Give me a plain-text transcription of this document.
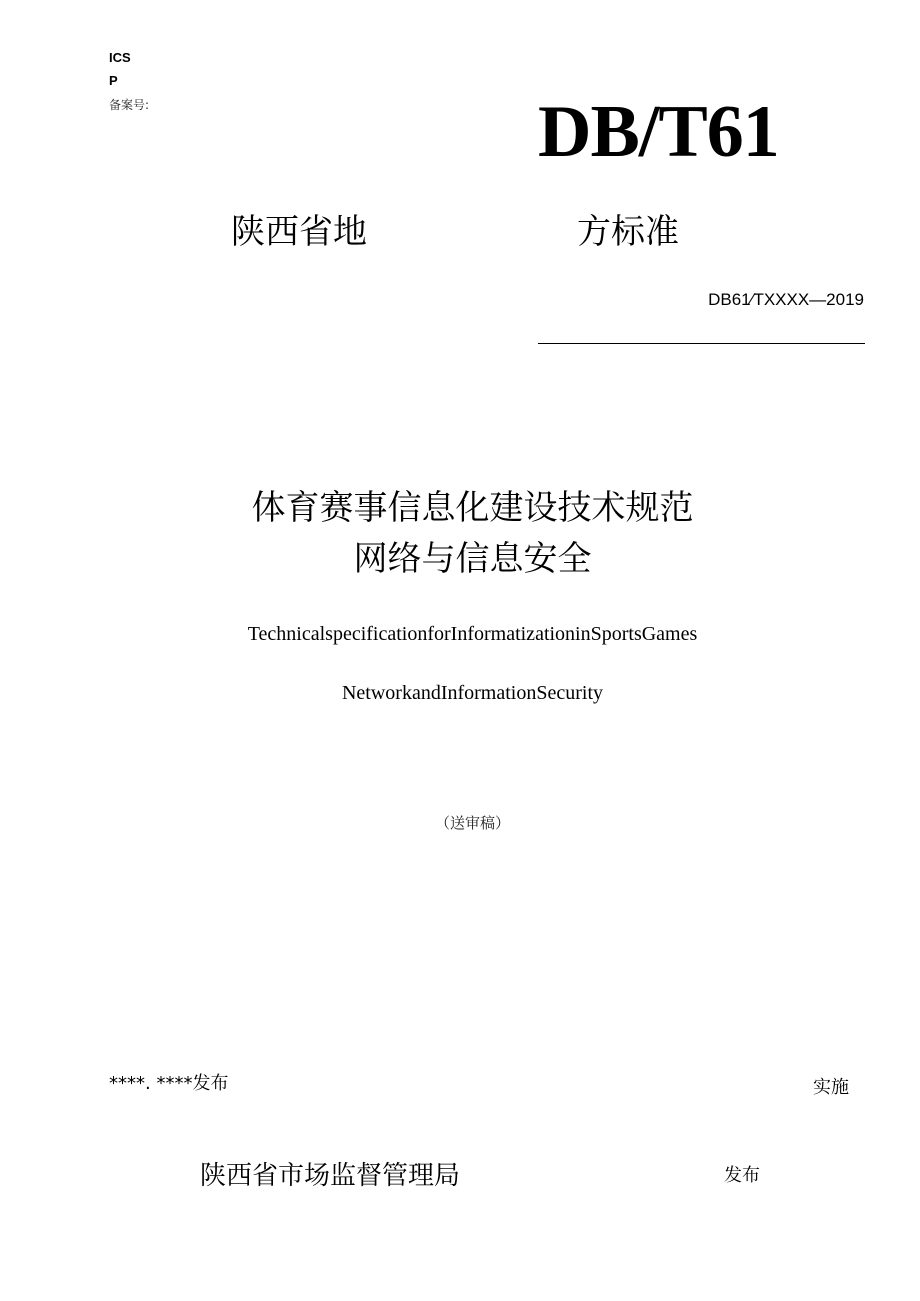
ICS
P
备案号:	DB/T61
陕西省地	方标准
DB61∕TXXXX—2019
体育赛事信息化建设技术规范
网络与信息安全
TechnicalspecificationforInformatizationinSportsGames
NetworkandInformationSecurity
（送审稿）
****. ****发布	实施
陕西省市场监督管理局	发布
